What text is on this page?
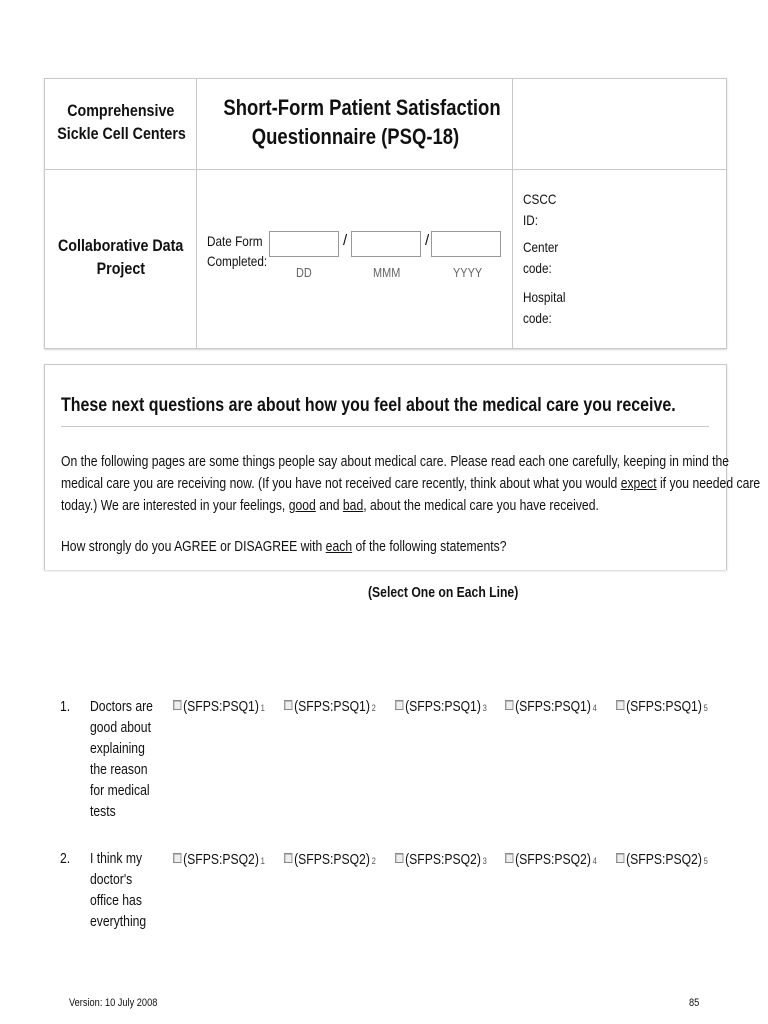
Comprehensive
Sickle Cell Centers
Short-Form Patient Satisfaction
Questionnaire (PSQ-18)
Collaborative Data
Project
Date Form
Completed:
/	/
DD	MMM	YYYY
CSCC
ID:
Center
code:
Hospital
code:
These next questions are about how you feel about the medical care you receive.
On the following pages are some things people say about medical care. Please read each one carefully, keeping in mind the
medical care you are receiving now. (If you have not received care recently, think about what you would expect if you needed care
today.) We are interested in your feelings, good and bad, about the medical care you have received.
How strongly do you AGREE or DISAGREE with each of the following statements?
(Select One on Each Line)
1. Doctors are
good about
explaining
the reason
for medical
tests
(SFPS:PSQ1) 1	(SFPS:PSQ1) 2	(SFPS:PSQ1) 3	(SFPS:PSQ1) 4	(SFPS:PSQ1) 5
2. I think my
doctor's
office has
everything
(SFPS:PSQ2) 1	(SFPS:PSQ2) 2	(SFPS:PSQ2) 3	(SFPS:PSQ2) 4	(SFPS:PSQ2) 5
Version: 10 July 2008	85
